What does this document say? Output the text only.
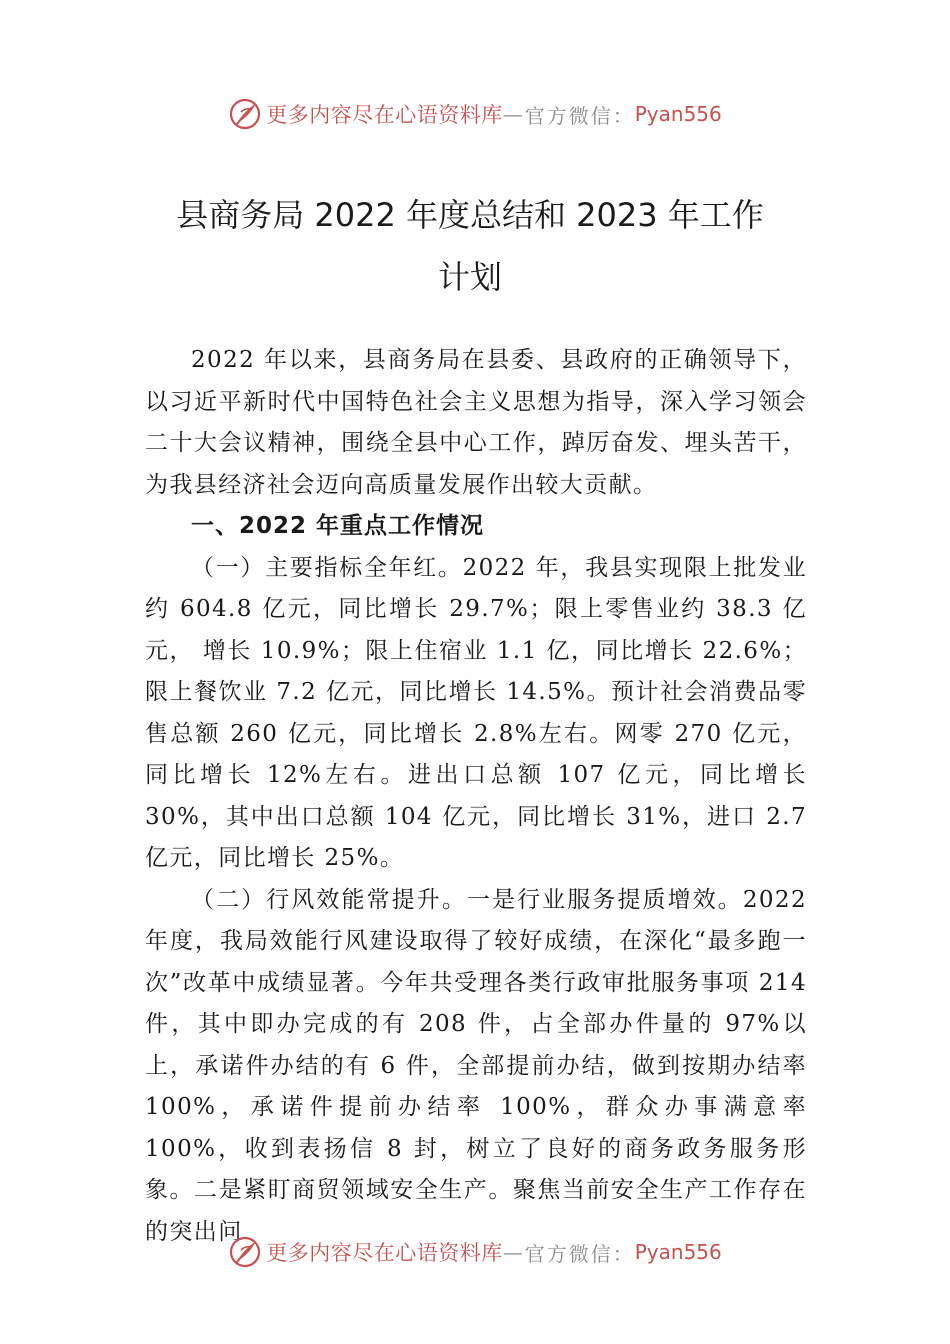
更多内容尽在心语资料库 — 官方微信： Pyan556
县商务局 2022 年度总结和 2023 年工作
计划

2022 年以来，县商务局在县委、县政府的正确领导下，以习近平新时代中国特色社会主义思想为指导，深入学习领会二十大会议精神，围绕全县中心工作，踔厉奋发、埋头苦干，为我县经济社会迈向高质量发展作出较大贡献。

一、2022 年重点工作情况

（一）主要指标全年红。2022 年，我县实现限上批发业约 604.8 亿元，同比增长 29.7%；限上零售业约 38.3 亿元， 增长 10.9%；限上住宿业 1.1 亿，同比增长 22.6%；限上餐饮业 7.2 亿元，同比增长 14.5%。预计社会消费品零售总额 260 亿元，同比增长 2.8%左右。网零 270 亿元，同比增长 12%左右。进出口总额 107 亿元，同比增长 30%，其中出口总额 104 亿元，同比增长 31%，进口 2.7 亿元，同比增长 25%。

（二）行风效能常提升。一是行业服务提质增效。2022 年度，我局效能行风建设取得了较好成绩，在深化“最多跑一次”改革中成绩显著。今年共受理各类行政审批服务事项 214 件，其中即办完成的有 208 件，占全部办件量的 97%以上，承诺件办结的有 6 件，全部提前办结，做到按期办结率 100%，承诺件提前办结率 100%，群众办事满意率 100%，收到表扬信 8 封，树立了良好的商务政务服务形象。二是紧盯商贸领域安全生产。聚焦当前安全生产工作存在的突出问

更多内容尽在心语资料库 — 官方微信： Pyan556
